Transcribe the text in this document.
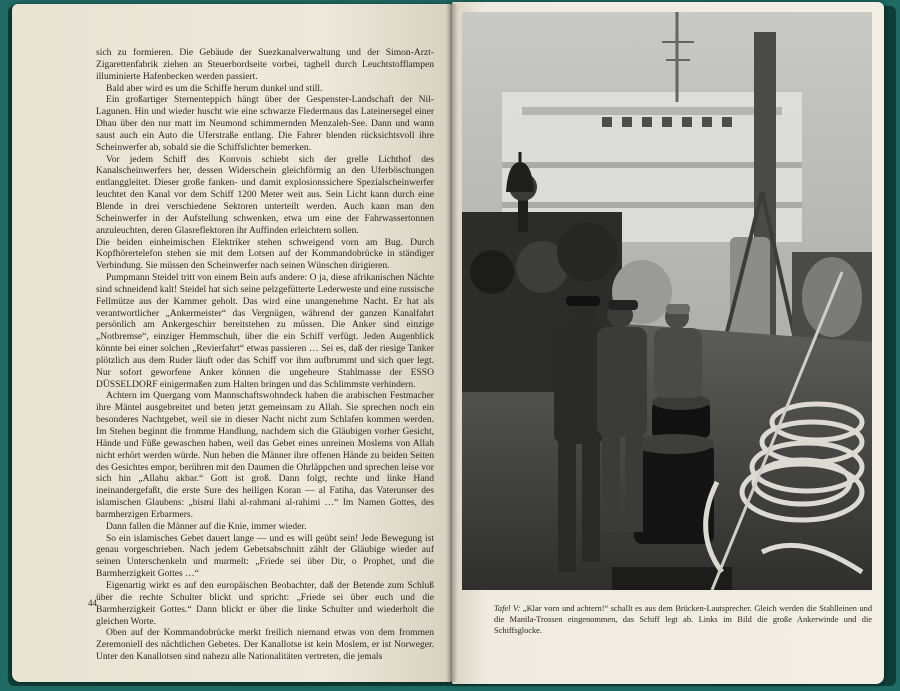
sich zu formieren. Die Gebäude der Suezkanalverwaltung und der Simon-Arzt-Zigarettenfabrik ziehen an Steuerbordseite vorbei, taghell durch Leuchtstofflampen illuminierte Hafenbecken werden passiert.

Bald aber wird es um die Schiffe herum dunkel und still.

Ein großartiger Sternenteppich hängt über der Gespenster-Landschaft der Nil-Lagunen. Hin und wieder huscht wie eine schwarze Fledermaus das Lateinersegel einer Dhau über den nur matt im Neumond schimmernden Menzaleh-See. Dann und wann saust auch ein Auto die Uferstraße entlang. Die Fahrer blenden rücksichtsvoll ihre Scheinwerfer ab, sobald sie die Schiffslichter bemerken.

Vor jedem Schiff des Konvois schiebt sich der grelle Lichthof des Kanalscheinwerfers her, dessen Widerschein gleichförmig an den Uferböschungen entlanggleitet. Dieser große fanken- und damit explosionssichere Spezialscheinwerfer leuchtet den Kanal vor dem Schiff 1200 Meter weit aus. Sein Licht kann durch eine Blende in drei verschiedene Sektoren unterteilt werden. Auch kann man den Scheinwerfer in der Aufstellung schwenken, etwa um eine der Fahrwassertonnen anzuleuchten, deren Glasreflektoren ihr Auffinden erleichtern sollen.

Die beiden einheimischen Elektriker stehen schweigend vorn am Bug. Durch Kopfhörertelefon stehen sie mit dem Lotsen auf der Kommandobrücke in ständiger Verbindung. Sie müssen den Scheinwerfer nach seinen Wünschen dirigieren.

Pumpmann Steidel tritt von einem Bein aufs andere: O ja, diese afrikanischen Nächte sind schneidend kalt! Steidel hat sich seine pelzgefütterte Lederweste und eine russische Fellmütze aus der Kammer geholt. Das wird eine unangenehme Nacht. Er hat als verantwortlicher „Ankermeister“ das Vergnügen, während der ganzen Kanalfahrt persönlich am Ankergeschirr bereitstehen zu müssen. Die Anker sind einzige „Notbremse“, einziger Hemmschuh, über die ein Schiff verfügt. Jeden Augenblick könnte bei einer solchen „Revierfahrt“ etwas passieren … Sei es, daß der riesige Tanker plötzlich aus dem Ruder läuft oder das Schiff vor ihm aufbrummt und sich quer legt. Nur sofort geworfene Anker können die ungeheure Stahlmasse der ESSO DÜSSELDORF einigermaßen zum Halten bringen und das Schlimmste verhindern.

Achtern im Quergang vom Mannschaftswohndeck haben die arabischen Festmacher ihre Mäntel ausgebreitet und beten jetzt gemeinsam zu Allah. Sie sprechen noch ein besonderes Nachtgebet, weil sie in dieser Nacht nicht zum Schlafen kommen werden. Im Stehen beginnt die fromme Handlung, nachdem sich die Gläubigen vorher Gesicht, Hände und Füße gewaschen haben, weil das Gebet eines unreinen Moslems von Allah nicht erhört werden würde. Nun heben die Männer ihre offenen Hände zu beiden Seiten des Gesichtes empor, berühren mit den Daumen die Ohrläppchen und sprechen leise vor sich hin „Allahu akbar.“ Gott ist groß. Dann folgt, rechte und linke Hand ineinandergefaßt, die erste Sure des heiligen Koran — al Fatiha, das Vaterunser des islamischen Glaubens: „bismi llahi al-rahmani al-rahimi …“ Im Namen Gottes, des barmherzigen Erbarmers.

Dann fallen die Männer auf die Knie, immer wieder.

So ein islamisches Gebet dauert lange — und es will geübt sein! Jede Bewegung ist genau vorgeschrieben. Nach jedem Gebetsabschnitt zählt der Gläubige wieder auf seinen Unterschenkeln und murmelt: „Friede sei über Dir, o Prophet, und die Barmherzigkeit Gottes …“

Eigenartig wirkt es auf den europäischen Beobachter, daß der Betende zum Schluß über die rechte Schulter blickt und spricht: „Friede sei über euch und die Barmherzigkeit Gottes.“ Dann blickt er über die linke Schulter und wiederholt die gleichen Worte.

Oben auf der Kommandobrücke merkt freilich niemand etwas von dem frommen Zeremoniell des nächtlichen Gebetes. Der Kanallotse ist kein Moslem, er ist Norweger. Unter den Kanallotsen sind nahezu alle Nationalitäten vertreten, die jemals

44
Tafel V: „Klar vorn und achtern!“ schallt es aus dem Brücken-Lautsprecher. Gleich werden die Stahlleinen und die Manila-Trossen eingenommen, das Schiff legt ab. Links im Bild die große Ankerwinde und die Schiffsglocke.
